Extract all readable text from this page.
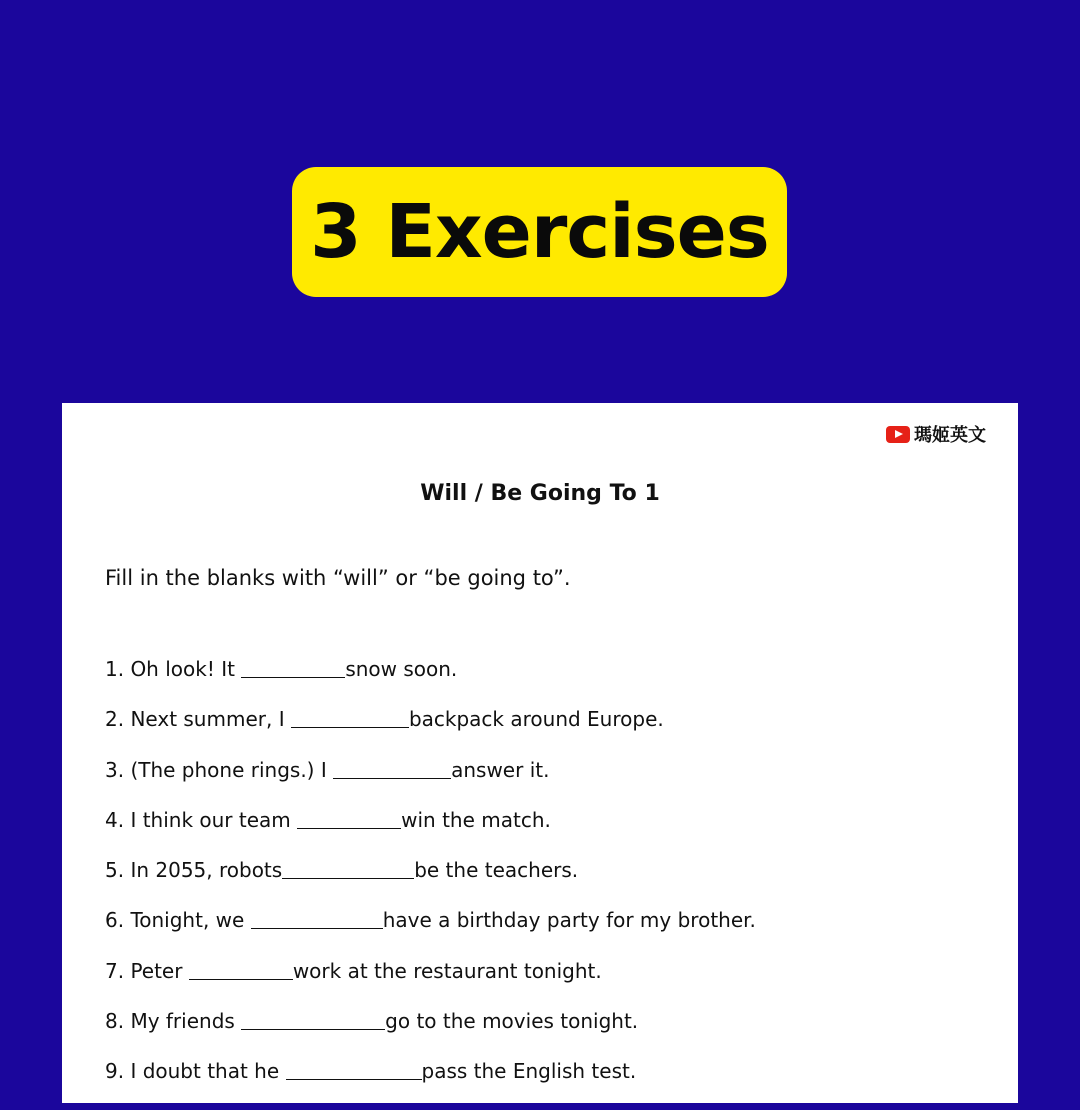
3 Exercises
瑪姬英文
Will / Be Going To 1
Fill in the blanks with “will” or “be going to”.
1. Oh look! It	snow soon.
2. Next summer, I	backpack around Europe.
3. (The phone rings.) I	answer it.
4. I think our team	win the match.
5. In 2055, robots	be the teachers.
6. Tonight, we	have a birthday party for my brother.
7. Peter	work at the restaurant tonight.
8. My friends	go to the movies tonight.
9. I doubt that he	pass the English test.
